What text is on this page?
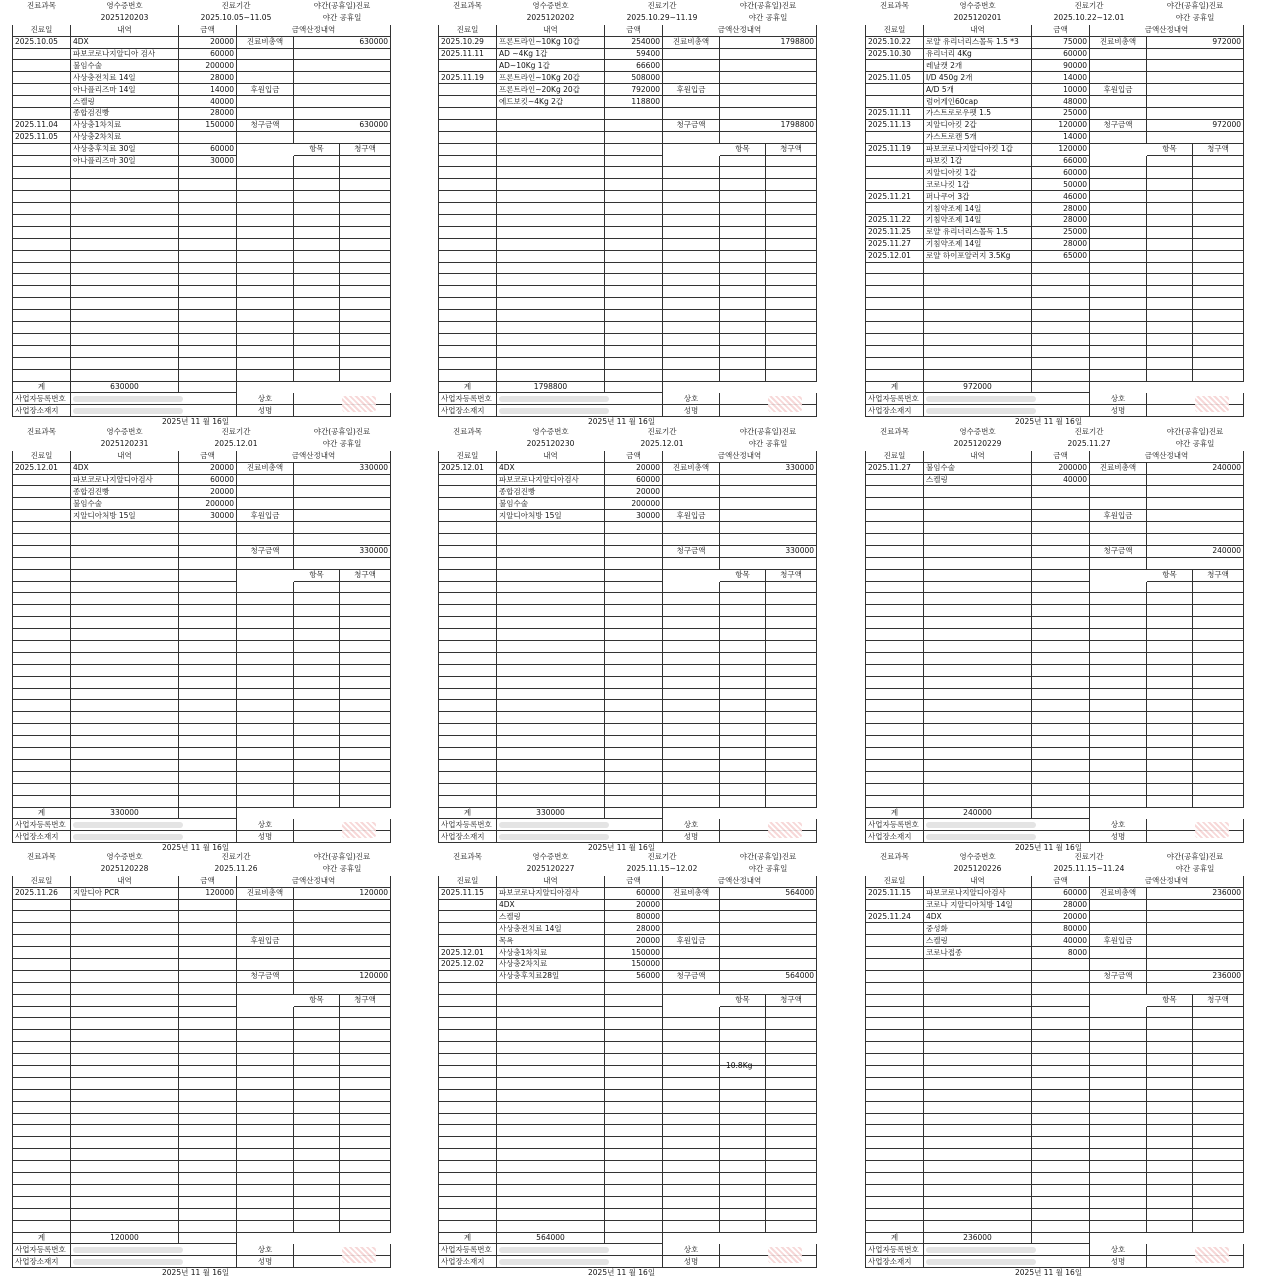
진료과목	영수증번호	진료기간		야간(공휴일)진료	
	2025120203	2025.10.05~11.05		야간 공휴일	
진료일	내역	금액	금액산정내역		
2025.10.05	4DX	20000	진료비총액	630000	
	파보코로나지알디아 검사	60000			
	불임수술	200000			
	사상충전치료 14일	28000			
	아나플리즈마 14일	14000	후원입금		
	스켈링	40000			
	종합검진빵	28000			
2025.11.04	사상충1차치료	150000	청구금액	630000	
2025.11.05	사상충2차치료				
	사상충후치료 30일	60000		항목	청구액
	아나플리즈마 30일	30000			

계	630000				
사업자등록번호			상호		
사업장소재지			성명		
2025년 11 월 16일
진료과목	영수증번호	진료기간		야간(공휴일)진료	
	2025120202	2025.10.29~11.19		야간 공휴일	
진료일	내역	금액	금액산정내역		
2025.10.29	프론트라인~10Kg 10갑	254000	진료비총액	1798800	
2025.11.11	AD ~4Kg 1갑	59400			
	AD~10Kg 1갑	66600			
2025.11.19	프론트라인~10Kg 20갑	508000			
	프론트라인~20Kg 20갑	792000	후원입금		
	에드보킷~4Kg 2갑	118800			

			청구금액	1798800	

				항목	청구액

계	1798800				
사업자등록번호			상호		
사업장소재지			성명		
2025년 11 월 16일
진료과목	영수증번호	진료기간		야간(공휴일)진료	
	2025120201	2025.10.22~12.01		야간 공휴일	
진료일	내역	금액	금액산정내역		
2025.10.22	로얄 유리너리스몰독 1.5 *3	75000	진료비총액	972000	
2025.10.30	유리너리 4Kg	60000			
	레날캣 2개	90000			
2025.11.05	I/D 450g 2개	14000			
	A/D 5개	10000	후원입금		
	럼어게인60cap	48000			
2025.11.11	가스트로로우펫 1.5	25000			
2025.11.13	지알디아킷 2갑	120000	청구금액	972000	
	가스트로캔 5개	14000			
2025.11.19	파보코로나지알디아킷 1갑	120000		항목	청구액
	파보킷 1갑	66000			
	지알디아킷 1갑	60000			
	코로나킷 1갑	50000			
2025.11.21	퍼나쿠어 3갑	46000			
	기침약조제 14일	28000			
2025.11.22	기침약조제 14일	28000			
2025.11.25	로얄 유리너리스몰독 1.5	25000			
2025.11.27	기침약조제 14일	28000			
2025.12.01	로얄 하이포알러지 3.5Kg	65000			

계	972000				
사업자등록번호			상호		
사업장소재지			성명		
2025년 11 월 16일
진료과목	영수증번호	진료기간		야간(공휴일)진료	
	2025120231	2025.12.01		야간 공휴일	
진료일	내역	금액	금액산정내역		
2025.12.01	4DX	20000	진료비총액	330000	
	파보코로나지알디아검사	60000			
	종합검진빵	20000			
	불임수술	200000			
	지알디아처방 15일	30000	후원입금		

			청구금액	330000	

				항목	청구액

계	330000				
사업자등록번호			상호		
사업장소재지			성명		
2025년 11 월 16일
진료과목	영수증번호	진료기간		야간(공휴일)진료	
	2025120230	2025.12.01		야간 공휴일	
진료일	내역	금액	금액산정내역		
2025.12.01	4DX	20000	진료비총액	330000	
	파보코로나지알디아검사	60000			
	종합검진빵	20000			
	불임수술	200000			
	지알디아처방 15일	30000	후원입금		

			청구금액	330000	

				항목	청구액

계	330000				
사업자등록번호			상호		
사업장소재지			성명		
2025년 11 월 16일
진료과목	영수증번호	진료기간		야간(공휴일)진료	
	2025120229	2025.11.27		야간 공휴일	
진료일	내역	금액	금액산정내역		
2025.11.27	불임수술	200000	진료비총액	240000	
	스켈링	40000			

			후원입금		

			청구금액	240000	

				항목	청구액

계	240000				
사업자등록번호			상호		
사업장소재지			성명		
2025년 11 월 16일
진료과목	영수증번호	진료기간		야간(공휴일)진료	
	2025120228	2025.11.26		야간 공휴일	
진료일	내역	금액	금액산정내역		
2025.11.26	지알디아 PCR	120000	진료비총액	120000	

			후원입금		

			청구금액	120000	

				항목	청구액

계	120000				
사업자등록번호			상호		
사업장소재지			성명		
2025년 11 월 16일
진료과목	영수증번호	진료기간		야간(공휴일)진료	
	2025120227	2025.11.15~12.02		야간 공휴일	
진료일	내역	금액	금액산정내역		
2025.11.15	파보코로나지알디아검사	60000	진료비총액	564000	
	4DX	20000			
	스켈링	80000			
	사상충전치료 14일	28000			
	목욕	20000	후원입금		
2025.12.01	사상충1차치료	150000			
2025.12.02	사상충2차치료	150000			
	사상충후치료28일	56000	청구금액	564000	

				항목	청구액

계	564000				
사업자등록번호			상호		
사업장소재지			성명		
2025년 11 월 16일
10.8Kg
진료과목	영수증번호	진료기간		야간(공휴일)진료	
	2025120226	2025.11.15~11.24		야간 공휴일	
진료일	내역	금액	금액산정내역		
2025.11.15	파보코로나지알디아검사	60000	진료비총액	236000	
	코로나 지알디아처방 14일	28000			
2025.11.24	4DX	20000			
	중성화	80000			
	스켈링	40000	후원입금		
	코로나접종	8000			

			청구금액	236000	

				항목	청구액

계	236000				
사업자등록번호			상호		
사업장소재지			성명		
2025년 11 월 16일
